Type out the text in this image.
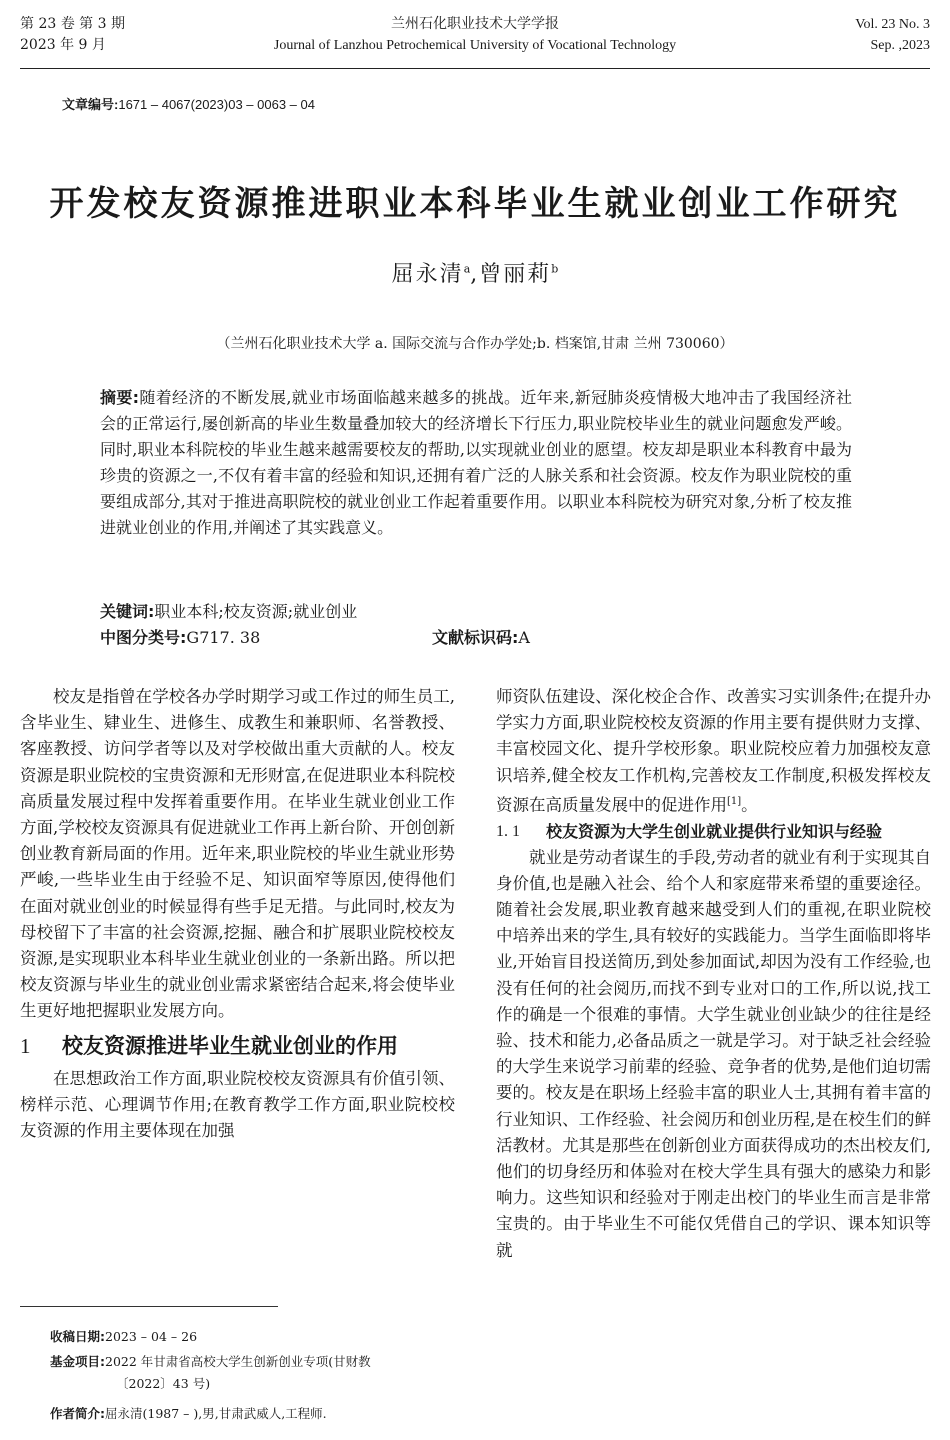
第 23 卷 第 3 期
2023 年 9 月
兰州石化职业技术大学学报
Journal of Lanzhou Petrochemical University of Vocational Technology
Vol. 23 No. 3
Sep. ,2023
文章编号:1671 – 4067(2023)03 – 0063 – 04
开发校友资源推进职业本科毕业生就业创业工作研究
屈永清$^a$,曾丽莉$^b$
（兰州石化职业技术大学 a. 国际交流与合作办学处;b. 档案馆,甘肃 兰州 730060）
摘要:随着经济的不断发展,就业市场面临越来越多的挑战。近年来,新冠肺炎疫情极大地冲击了我国经济社会的正常运行,屡创新高的毕业生数量叠加较大的经济增长下行压力,职业院校毕业生的就业问题愈发严峻。同时,职业本科院校的毕业生越来越需要校友的帮助,以实现就业创业的愿望。校友却是职业本科教育中最为珍贵的资源之一,不仅有着丰富的经验和知识,还拥有着广泛的人脉关系和社会资源。校友作为职业院校的重要组成部分,其对于推进高职院校的就业创业工作起着重要作用。以职业本科院校为研究对象,分析了校友推进就业创业的作用,并阐述了其实践意义。
关键词:职业本科;校友资源;就业创业
中图分类号:G717. 38	文献标识码:A

校友是指曾在学校各办学时期学习或工作过的师生员工,含毕业生、肄业生、进修生、成教生和兼职师、名誉教授、客座教授、访问学者等以及对学校做出重大贡献的人。校友资源是职业院校的宝贵资源和无形财富,在促进职业本科院校高质量发展过程中发挥着重要作用。在毕业生就业创业工作方面,学校校友资源具有促进就业工作再上新台阶、开创创新创业教育新局面的作用。近年来,职业院校的毕业生就业形势严峻,一些毕业生由于经验不足、知识面窄等原因,使得他们在面对就业创业的时候显得有些手足无措。与此同时,校友为母校留下了丰富的社会资源,挖掘、融合和扩展职业院校校友资源,是实现职业本科毕业生就业创业的一条新出路。所以把校友资源与毕业生的就业创业需求紧密结合起来,将会使毕业生更好地把握职业发展方向。

1	校友资源推进毕业生就业创业的作用

在思想政治工作方面,职业院校校友资源具有价值引领、榜样示范、心理调节作用;在教育教学工作方面,职业院校校友资源的作用主要体现在加强

师资队伍建设、深化校企合作、改善实习实训条件;在提升办学实力方面,职业院校校友资源的作用主要有提供财力支撑、丰富校园文化、提升学校形象。职业院校应着力加强校友意识培养,健全校友工作机构,完善校友工作制度,积极发挥校友资源在高质量发展中的促进作用[1]。

1. 1	校友资源为大学生创业就业提供行业知识与经验

就业是劳动者谋生的手段,劳动者的就业有利于实现其自身价值,也是融入社会、给个人和家庭带来希望的重要途径。随着社会发展,职业教育越来越受到人们的重视,在职业院校中培养出来的学生,具有较好的实践能力。当学生面临即将毕业,开始盲目投送简历,到处参加面试,却因为没有工作经验,也没有任何的社会阅历,而找不到专业对口的工作,所以说,找工作的确是一个很难的事情。大学生就业创业缺少的往往是经验、技术和能力,必备品质之一就是学习。对于缺乏社会经验的大学生来说学习前辈的经验、竞争者的优势,是他们迫切需要的。校友是在职场上经验丰富的职业人士,其拥有着丰富的行业知识、工作经验、社会阅历和创业历程,是在校生们的鲜活教材。尤其是那些在创新创业方面获得成功的杰出校友们,他们的切身经历和体验对在校大学生具有强大的感染力和影响力。这些知识和经验对于刚走出校门的毕业生而言是非常宝贵的。由于毕业生不可能仅凭借自己的学识、课本知识等就

收稿日期:2023 – 04 – 26
基金项目:2022 年甘肃省高校大学生创新创业专项(甘财教
〔2022〕43 号)
作者简介:屈永清(1987 – ),男,甘肃武威人,工程师.
